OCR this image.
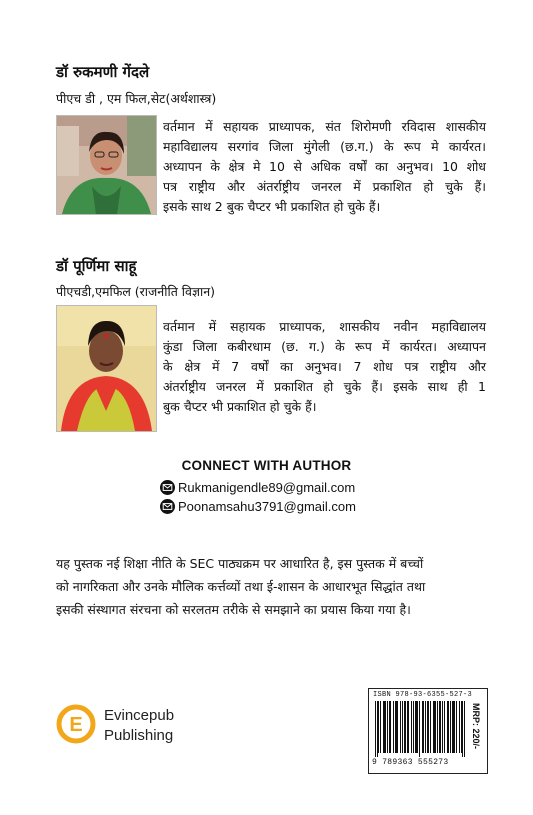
डॉ रुकमणी गेंदले
पीएच डी , एम फिल,सेट(अर्थशास्त्र)
वर्तमान में सहायक प्राध्यापक, संत शिरोमणी रविदास शासकीय
महाविद्यालय सरगांव जिला मुंगेली (छ.ग.) के रूप मे कार्यरत।
अध्यापन के क्षेत्र मे 10 से अधिक वर्षों का अनुभव। 10 शोध
पत्र राष्ट्रीय और अंतर्राष्ट्रीय जनरल में प्रकाशित हो चुके हैं।
इसके साथ 2 बुक चैप्टर भी प्रकाशित हो चुके हैं।
डॉ पूर्णिमा साहू
पीएचडी,एमफिल (राजनीति विज्ञान)
वर्तमान में सहायक प्राध्यापक, शासकीय नवीन महाविद्यालय
कुंडा जिला कबीरधाम (छ. ग.) के रूप में कार्यरत। अध्यापन
के क्षेत्र में 7 वर्षों का अनुभव। 7 शोध पत्र राष्ट्रीय और
अंतर्राष्ट्रीय जनरल में प्रकाशित हो चुके हैं। इसके साथ ही 1
बुक चैप्टर भी प्रकाशित हो चुके हैं।
CONNECT WITH AUTHOR
Rukmanigendle89@gmail.com
Poonamsahu3791@gmail.com
यह पुस्तक नई शिक्षा नीति के SEC पाठ्यक्रम पर आधारित है, इस पुस्तक में बच्चों
को नागरिकता और उनके मौलिक कर्त्तव्यों तथा ई-शासन के आधारभूत सिद्धांत तथा
इसकी संस्थागत संरचना को सरलतम तरीके से समझाने का प्रयास किया गया है।
E Evincepub
Publishing
ISBN 978-93-6355-527-3
9 789363 555273
MRP: 220/-
